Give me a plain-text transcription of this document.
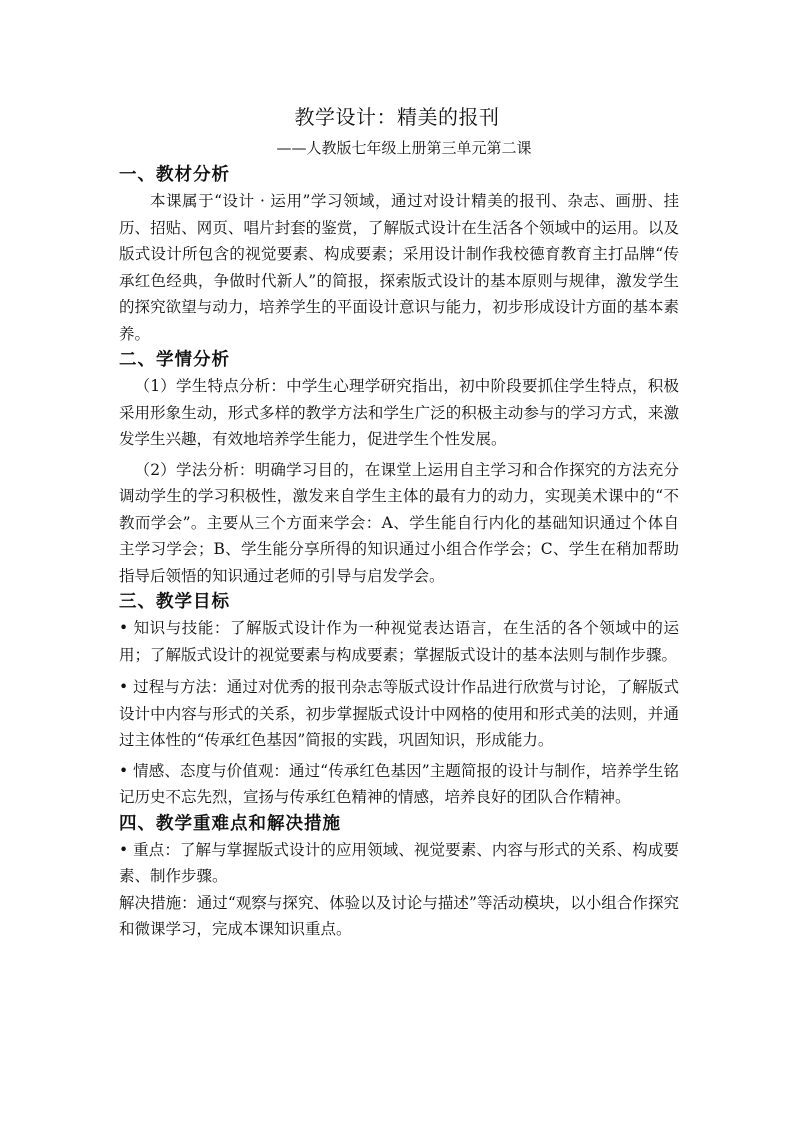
教学设计：精美的报刊
——人教版七年级上册第三单元第二课
一、教材分析

本课属于“设计 · 运用”学习领域，通过对设计精美的报刊、杂志、画册、挂历、招贴、网页、唱片封套的鉴赏，了解版式设计在生活各个领域中的运用。以及版式设计所包含的视觉要素、构成要素；采用设计制作我校德育教育主打品牌“传承红色经典，争做时代新人”的简报，探索版式设计的基本原则与规律，激发学生的探究欲望与动力，培养学生的平面设计意识与能力，初步形成设计方面的基本素养。

二、学情分析

（1）学生特点分析：中学生心理学研究指出，初中阶段要抓住学生特点，积极采用形象生动，形式多样的教学方法和学生广泛的积极主动参与的学习方式，来激发学生兴趣，有效地培养学生能力，促进学生个性发展。

（2）学法分析：明确学习目的，在课堂上运用自主学习和合作探究的方法充分调动学生的学习积极性，激发来自学生主体的最有力的动力，实现美术课中的“不教而学会”。主要从三个方面来学会：A、学生能自行内化的基础知识通过个体自主学习学会；B、学生能分享所得的知识通过小组合作学会；C、学生在稍加帮助指导后领悟的知识通过老师的引导与启发学会。

三、教学目标

• 知识与技能：了解版式设计作为一种视觉表达语言，在生活的各个领域中的运用；了解版式设计的视觉要素与构成要素；掌握版式设计的基本法则与制作步骤。

• 过程与方法：通过对优秀的报刊杂志等版式设计作品进行欣赏与讨论，了解版式设计中内容与形式的关系，初步掌握版式设计中网格的使用和形式美的法则，并通过主体性的“传承红色基因”简报的实践，巩固知识，形成能力。

• 情感、态度与价值观：通过“传承红色基因”主题简报的设计与制作，培养学生铭记历史不忘先烈，宣扬与传承红色精神的情感，培养良好的团队合作精神。

四、教学重难点和解决措施

• 重点：了解与掌握版式设计的应用领域、视觉要素、内容与形式的关系、构成要素、制作步骤。

解决措施：通过“观察与探究、体验以及讨论与描述”等活动模块，以小组合作探究和微课学习，完成本课知识重点。
